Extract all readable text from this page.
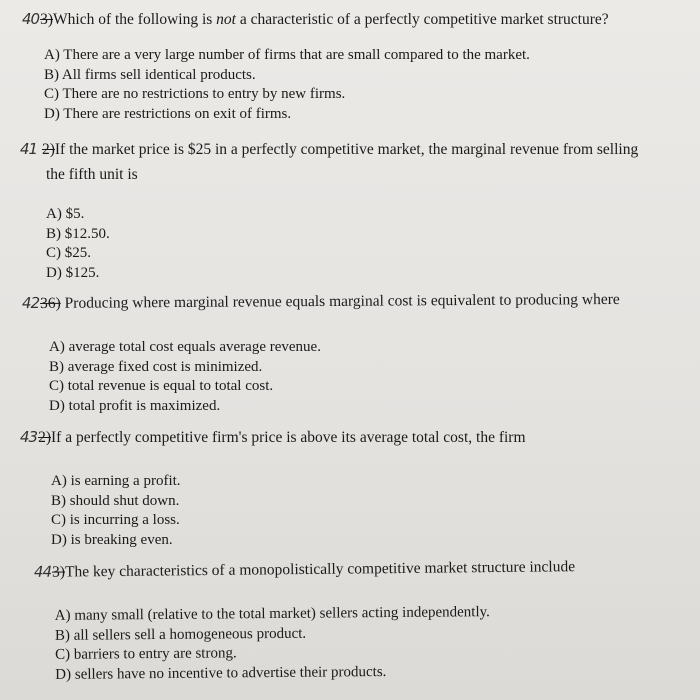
403)Which of the following is not a characteristic of a perfectly competitive market structure?
A) There are a very large number of firms that are small compared to the market.
B) All firms sell identical products.
C) There are no restrictions to entry by new firms.
D) There are restrictions on exit of firms.
41 2)If the market price is $25 in a perfectly competitive market, the marginal revenue from selling
the fifth unit is
A) $5.
B) $12.50.
C) $25.
D) $125.
4236) Producing where marginal revenue equals marginal cost is equivalent to producing where
A) average total cost equals average revenue.
B) average fixed cost is minimized.
C) total revenue is equal to total cost.
D) total profit is maximized.
432)If a perfectly competitive firm's price is above its average total cost, the firm
A) is earning a profit.
B) should shut down.
C) is incurring a loss.
D) is breaking even.
443)The key characteristics of a monopolistically competitive market structure include
A) many small (relative to the total market) sellers acting independently.
B) all sellers sell a homogeneous product.
C) barriers to entry are strong.
D) sellers have no incentive to advertise their products.
